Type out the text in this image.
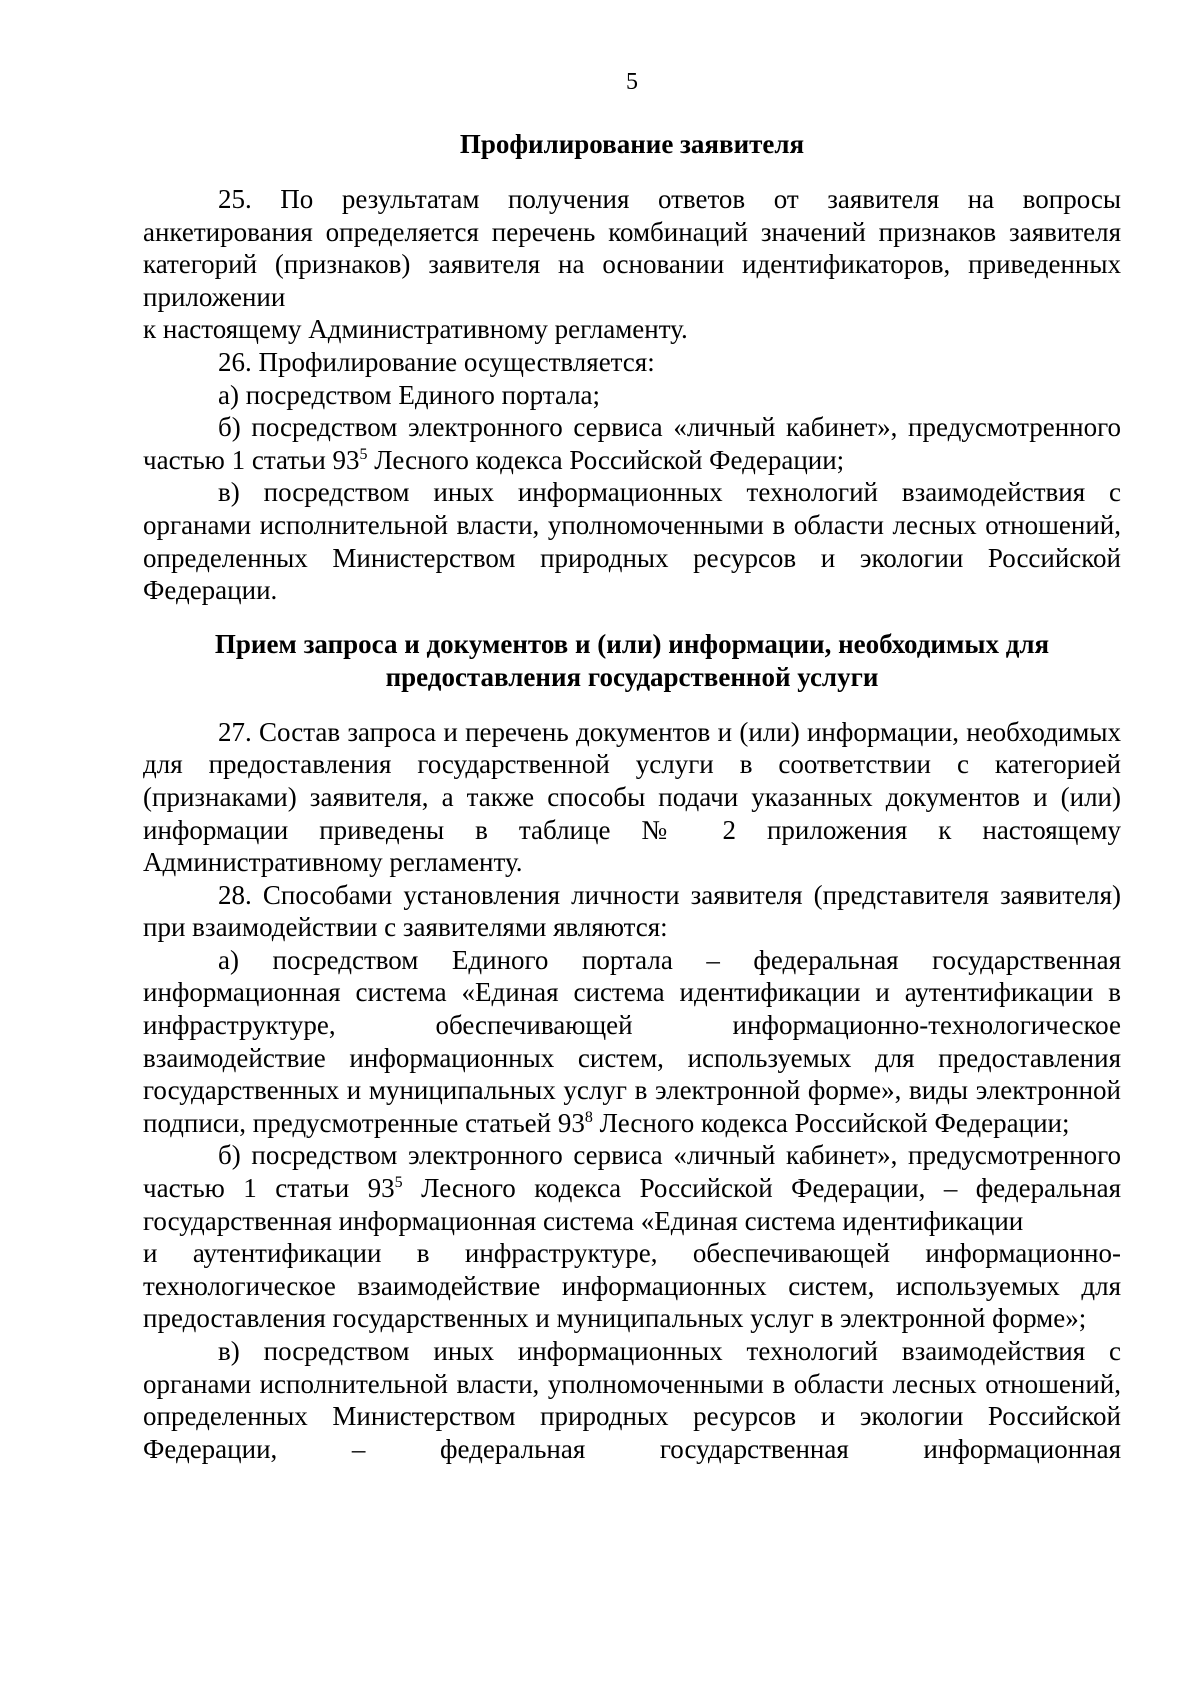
5
Профилирование заявителя

25. По результатам получения ответов от заявителя на вопросы анкетирования определяется перечень комбинаций значений признаков заявителя категорий (признаков) заявителя на основании идентификаторов, приведенных приложении

к настоящему Административному регламенту.

26. Профилирование осуществляется:

а) посредством Единого портала;

б) посредством электронного сервиса «личный кабинет», предусмотренного частью 1 статьи $93^5$ Лесного кодекса Российской Федерации;

в) посредством иных информационных технологий взаимодействия с органами исполнительной власти, уполномоченными в области лесных отношений, определенных Министерством природных ресурсов и экологии Российской Федерации.

Прием запроса и документов и (или) информации, необходимых для предоставления государственной услуги

27. Состав запроса и перечень документов и (или) информации, необходимых для предоставления государственной услуги в соответствии с категорией (признаками) заявителя, а также способы подачи указанных документов и (или) информации приведены в таблице № 2 приложения к настоящему Административному регламенту.

28. Способами установления личности заявителя (представителя заявителя) при взаимодействии с заявителями являются:

а) посредством Единого портала – федеральная государственная информационная система «Единая система идентификации и аутентификации в инфраструктуре, обеспечивающей информационно-технологическое взаимодействие информационных систем, используемых для предоставления государственных и муниципальных услуг в электронной форме», виды электронной подписи, предусмотренные статьей $93^8$ Лесного кодекса Российской Федерации;

б) посредством электронного сервиса «личный кабинет», предусмотренного частью 1 статьи $93^5$ Лесного кодекса Российской Федерации, – федеральная государственная информационная система «Единая система идентификации

и аутентификации в инфраструктуре, обеспечивающей информационно-технологическое взаимодействие информационных систем, используемых для предоставления государственных и муниципальных услуг в электронной форме»;

в) посредством иных информационных технологий взаимодействия с органами исполнительной власти, уполномоченными в области лесных отношений, определенных Министерством природных ресурсов и экологии Российской Федерации, – федеральная государственная информационная
